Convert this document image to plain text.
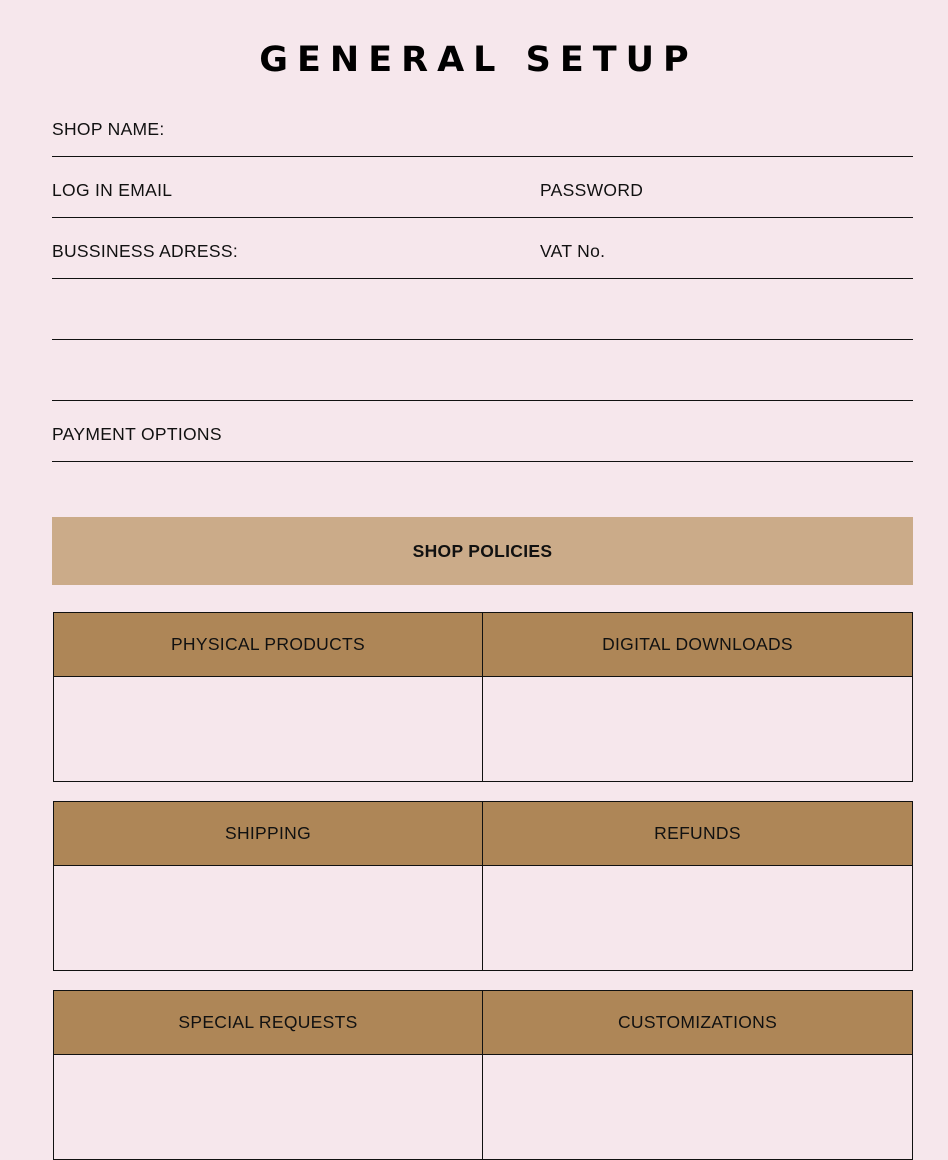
GENERAL SETUP
SHOP NAME:
LOG IN EMAIL	PASSWORD
BUSSINESS ADRESS:	VAT No.
PAYMENT OPTIONS
SHOP POLICIES
PHYSICAL PRODUCTS	DIGITAL DOWNLOADS
SHIPPING	REFUNDS
SPECIAL REQUESTS	CUSTOMIZATIONS
